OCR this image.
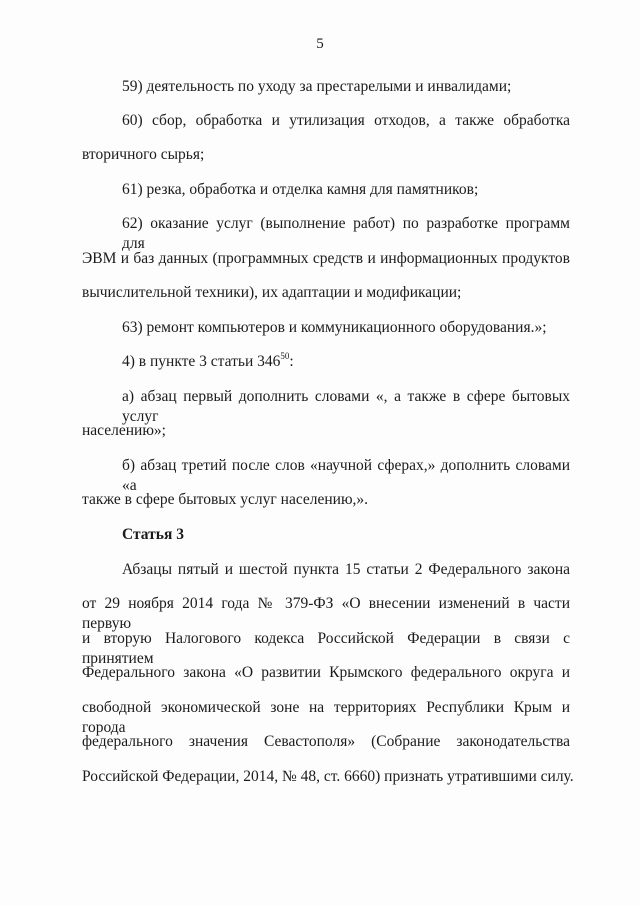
5
59) деятельность по уходу за престарелыми и инвалидами;
60) сбор, обработка и утилизация отходов, а также обработка
вторичного сырья;
61) резка, обработка и отделка камня для памятников;
62) оказание услуг (выполнение работ) по разработке программ для
ЭВМ и баз данных (программных средств и информационных продуктов
вычислительной техники), их адаптации и модификации;
63) ремонт компьютеров и коммуникационного оборудования.»;
4) в пункте 3 статьи $346^{50}$:
а) абзац первый дополнить словами «, а также в сфере бытовых услуг
населению»;
б) абзац третий после слов «научной сферах,» дополнить словами «а
также в сфере бытовых услуг населению,».
Статья 3
Абзацы пятый и шестой пункта 15 статьи 2 Федерального закона
от 29 ноября 2014 года № 379-ФЗ «О внесении изменений в части первую
и вторую Налогового кодекса Российской Федерации в связи с принятием
Федерального закона «О развитии Крымского федерального округа и
свободной экономической зоне на территориях Республики Крым и города
федерального значения Севастополя» (Собрание законодательства
Российской Федерации, 2014, № 48, ст. 6660) признать утратившими силу.
